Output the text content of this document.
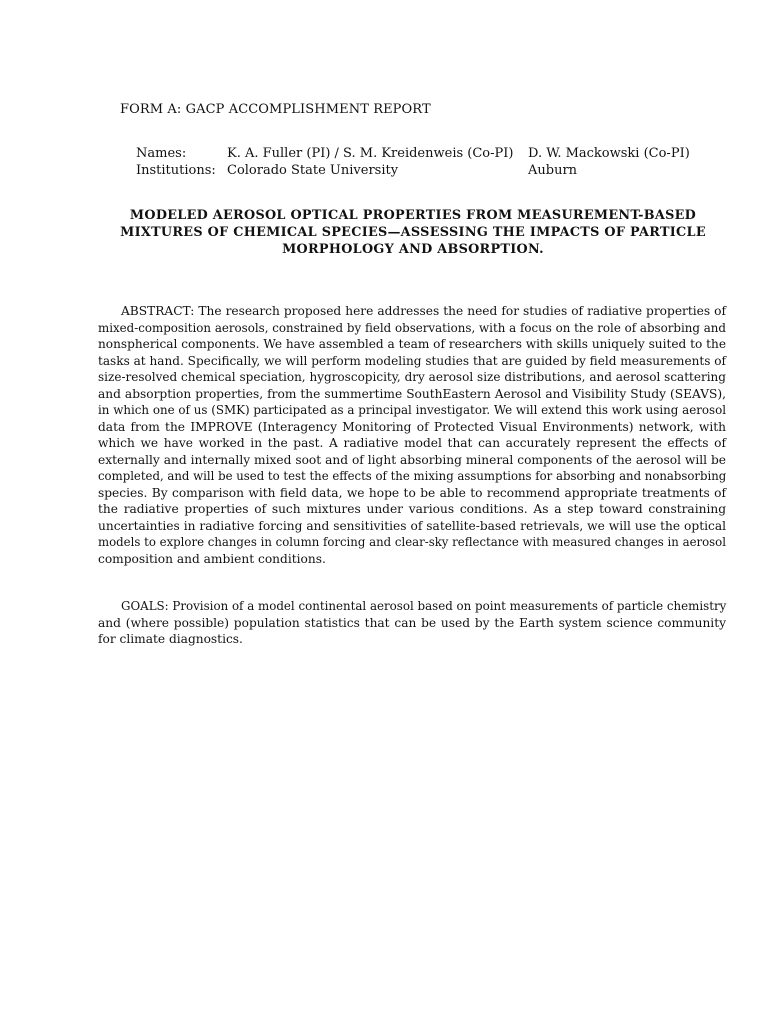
FORM A: GACP ACCOMPLISHMENT REPORT
Names:	K. A. Fuller (PI) / S. M. Kreidenweis (Co-PI) D. W. Mackowski (Co-PI)
Institutions: Colorado State University	Auburn
MODELED AEROSOL OPTICAL PROPERTIES FROM MEASUREMENT-BASED
MIXTURES OF CHEMICAL SPECIES—ASSESSING THE IMPACTS OF PARTICLE
MORPHOLOGY AND ABSORPTION.
ABSTRACT: The research proposed here addresses the need for studies of radiative properties of
mixed-composition aerosols, constrained by field observations, with a focus on the role of absorbing and
nonspherical components. We have assembled a team of researchers with skills uniquely suited to the
tasks at hand. Specifically, we will perform modeling studies that are guided by field measurements of
size-resolved chemical speciation, hygroscopicity, dry aerosol size distributions, and aerosol scattering
and absorption properties, from the summertime SouthEastern Aerosol and Visibility Study (SEAVS),
in which one of us (SMK) participated as a principal investigator. We will extend this work using aerosol
data from the IMPROVE (Interagency Monitoring of Protected Visual Environments) network, with
which we have worked in the past. A radiative model that can accurately represent the effects of
externally and internally mixed soot and of light absorbing mineral components of the aerosol will be
completed, and will be used to test the effects of the mixing assumptions for absorbing and nonabsorbing
species. By comparison with field data, we hope to be able to recommend appropriate treatments of
the radiative properties of such mixtures under various conditions. As a step toward constraining
uncertainties in radiative forcing and sensitivities of satellite-based retrievals, we will use the optical
models to explore changes in column forcing and clear-sky reflectance with measured changes in aerosol
composition and ambient conditions.
GOALS: Provision of a model continental aerosol based on point measurements of particle chemistry
and (where possible) population statistics that can be used by the Earth system science community
for climate diagnostics.
